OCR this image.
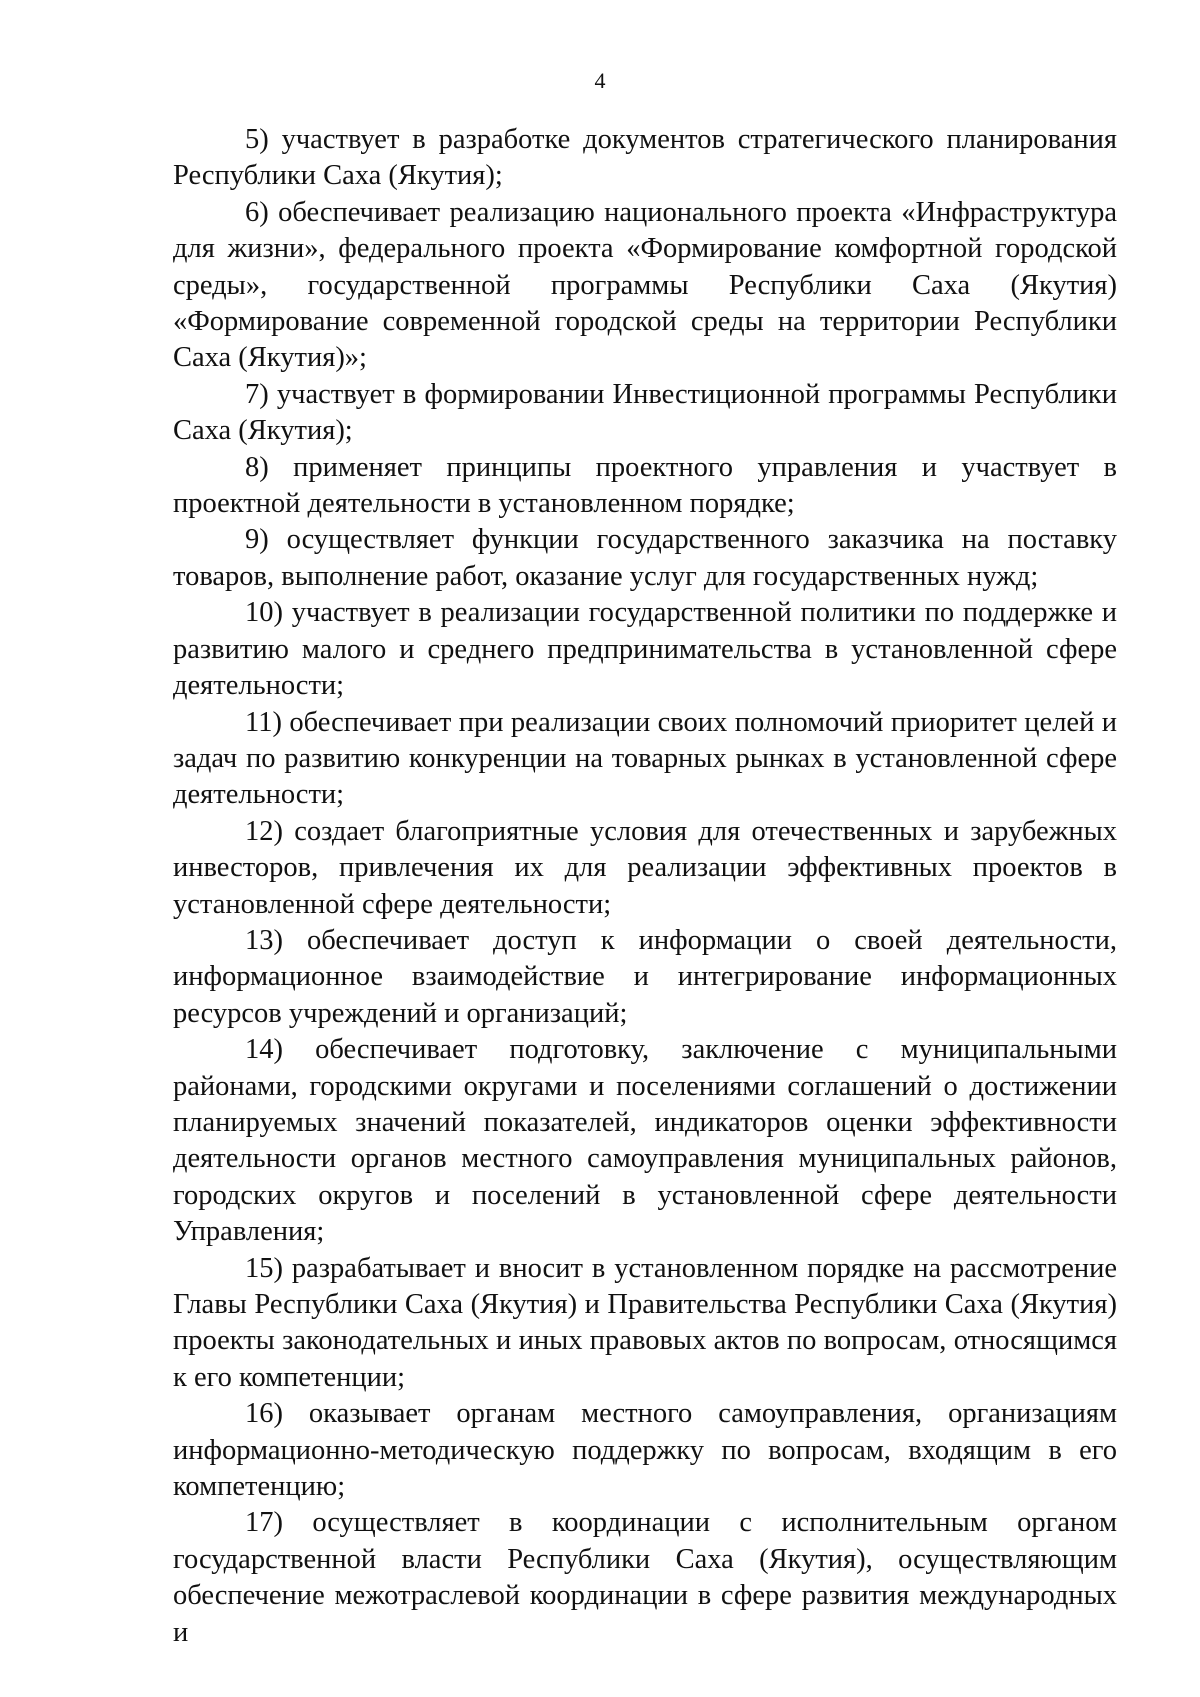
4

5) участвует в разработке документов стратегического планирования Республики Саха (Якутия);

6) обеспечивает реализацию национального проекта «Инфраструктура для жизни», федерального проекта «Формирование комфортной городской среды», государственной программы Республики Саха (Якутия) «Формирование современной городской среды на территории Республики Саха (Якутия)»;

7) участвует в формировании Инвестиционной программы Республики Саха (Якутия);

8) применяет принципы проектного управления и участвует в проектной деятельности в установленном порядке;

9) осуществляет функции государственного заказчика на поставку товаров, выполнение работ, оказание услуг для государственных нужд;

10) участвует в реализации государственной политики по поддержке и развитию малого и среднего предпринимательства в установленной сфере деятельности;

11) обеспечивает при реализации своих полномочий приоритет целей и задач по развитию конкуренции на товарных рынках в установленной сфере деятельности;

12) создает благоприятные условия для отечественных и зарубежных инвесторов, привлечения их для реализации эффективных проектов в установленной сфере деятельности;

13) обеспечивает доступ к информации о своей деятельности, информационное взаимодействие и интегрирование информационных ресурсов учреждений и организаций;

14) обеспечивает подготовку, заключение с муниципальными районами, городскими округами и поселениями соглашений о достижении планируемых значений показателей, индикаторов оценки эффективности деятельности органов местного самоуправления муниципальных районов, городских округов и поселений в установленной сфере деятельности Управления;

15) разрабатывает и вносит в установленном порядке на рассмотрение Главы Республики Саха (Якутия) и Правительства Республики Саха (Якутия) проекты законодательных и иных правовых актов по вопросам, относящимся к его компетенции;

16) оказывает органам местного самоуправления, организациям информационно-методическую поддержку по вопросам, входящим в его компетенцию;

17) осуществляет в координации с исполнительным органом государственной власти Республики Саха (Якутия), осуществляющим обеспечение межотраслевой координации в сфере развития международных и
